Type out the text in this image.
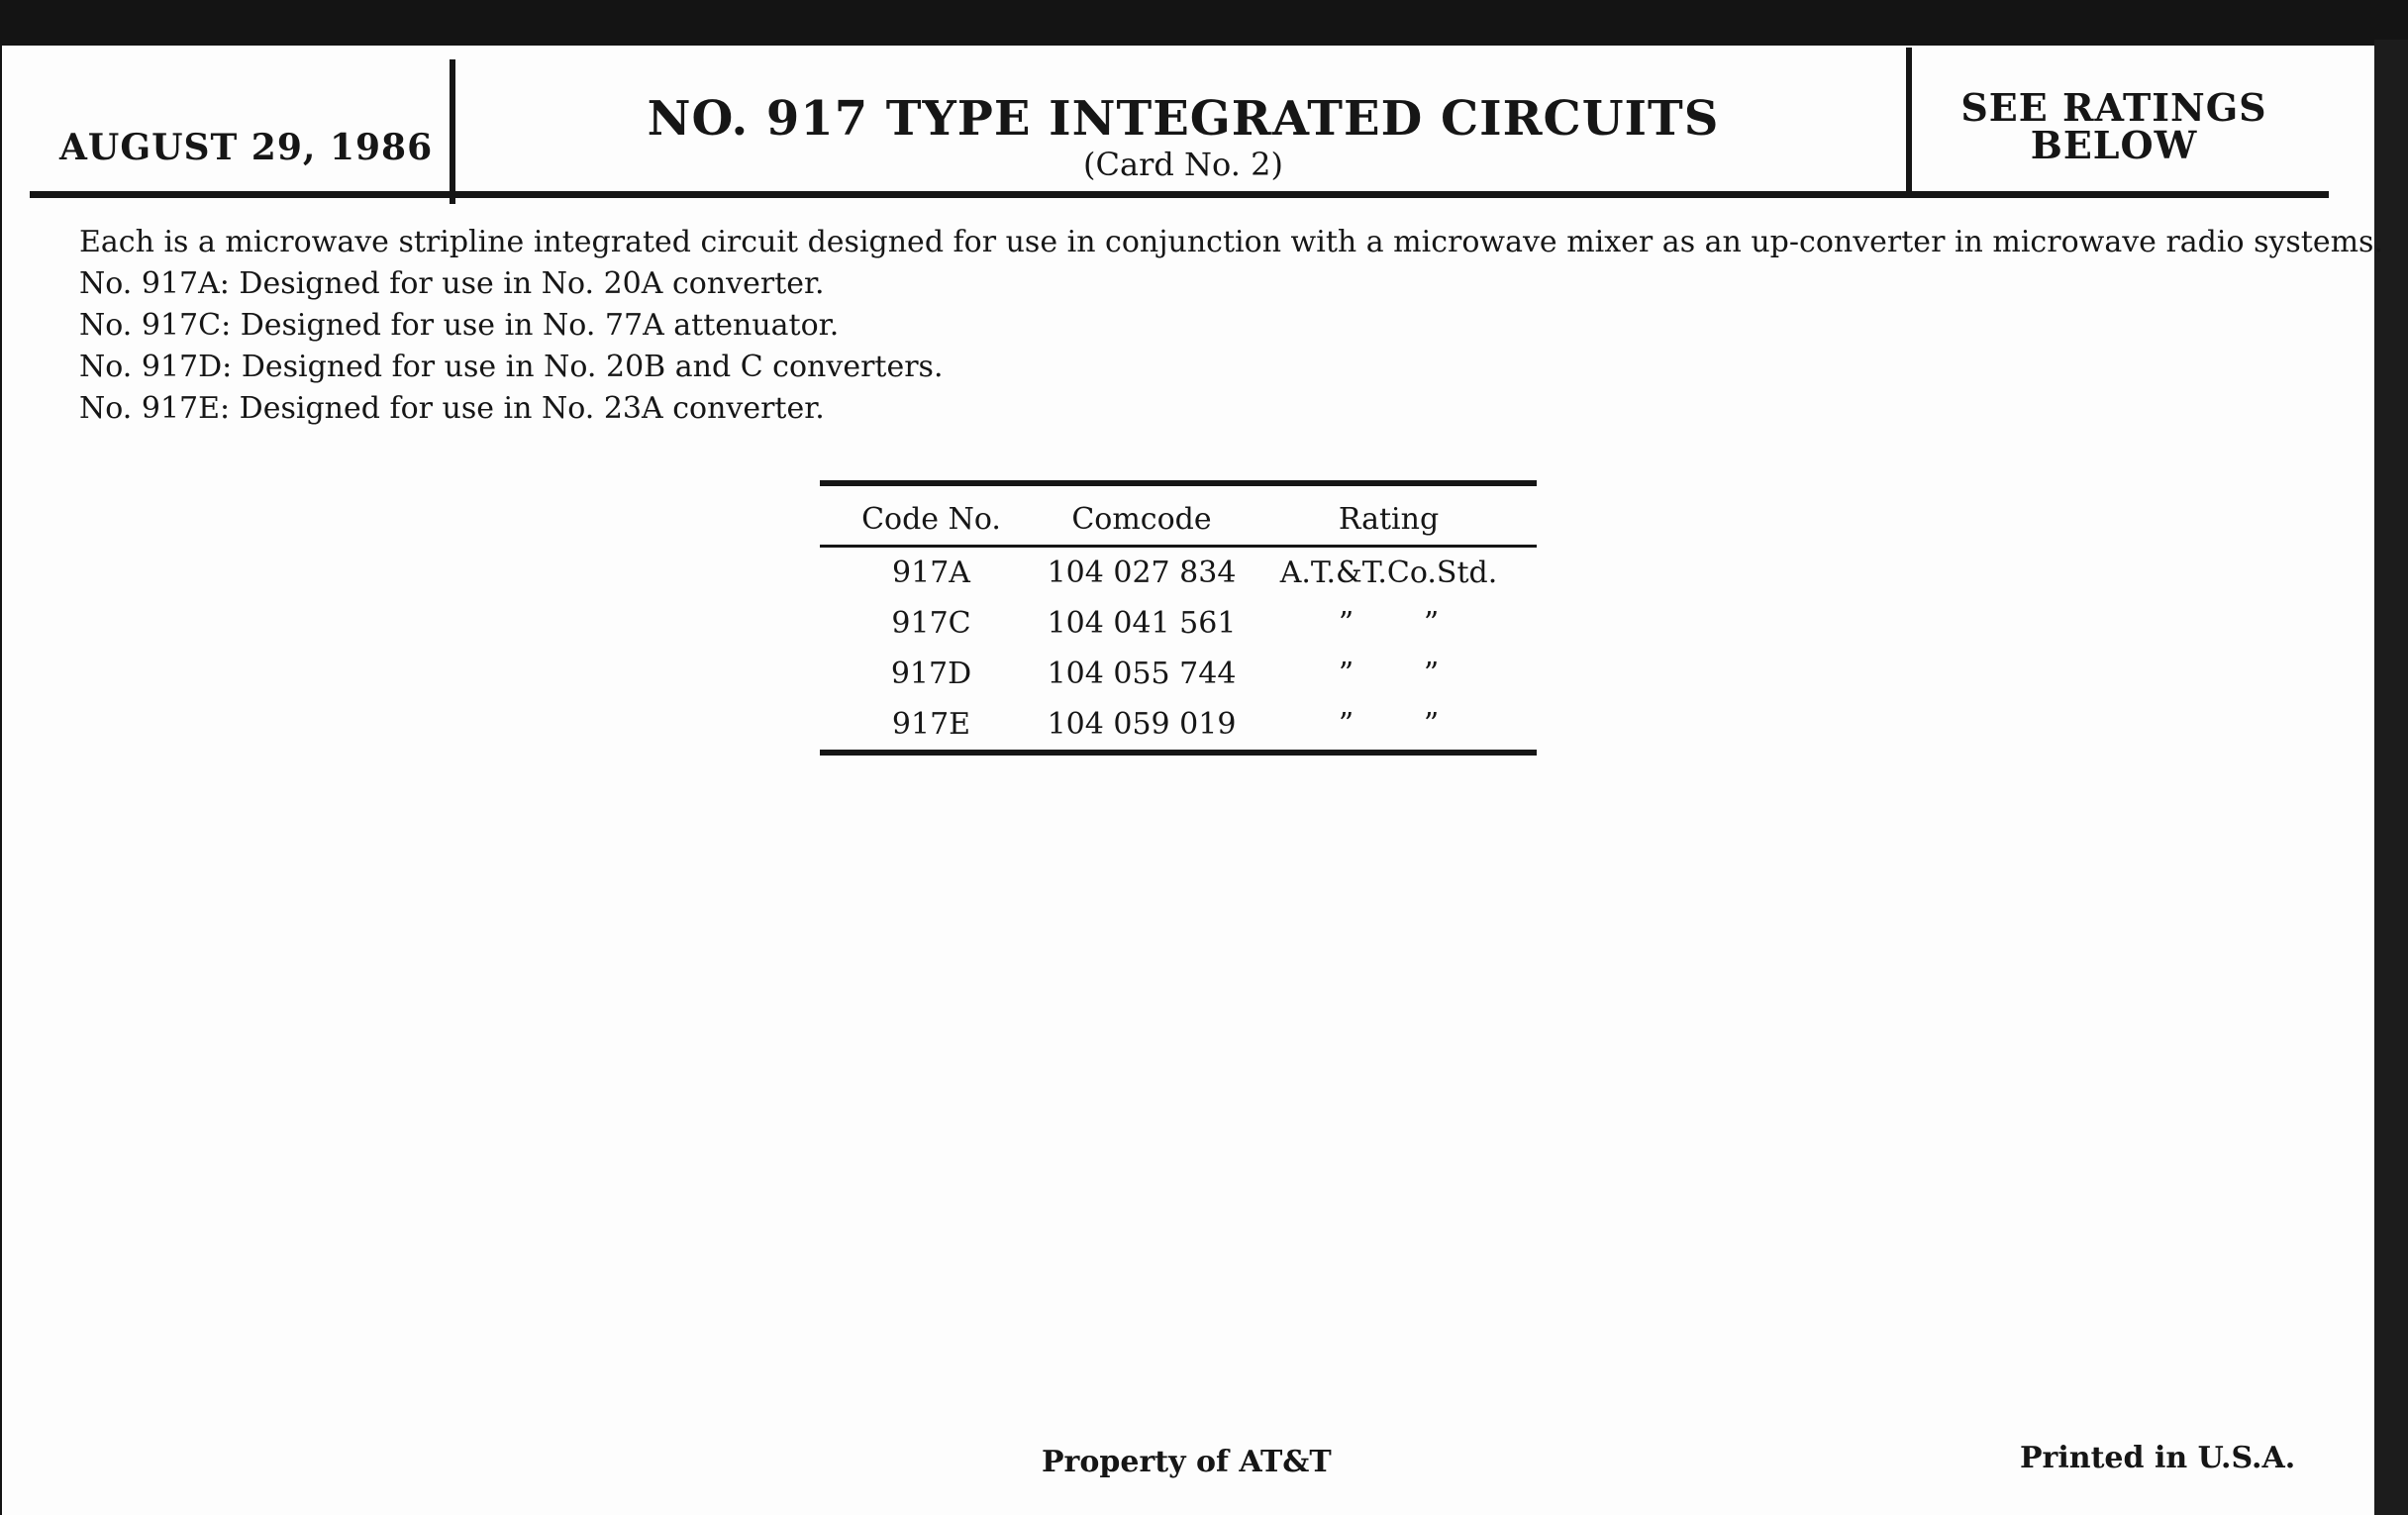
AUGUST 29, 1986
NO. 917 TYPE INTEGRATED CIRCUITS
(Card No. 2)
SEE RATINGS
BELOW
Each is a microwave stripline integrated circuit designed for use in conjunction with a microwave mixer as an up-converter in microwave radio systems.
No. 917A: Designed for use in No. 20A converter.
No. 917C: Designed for use in No. 77A attenuator.
No. 917D: Designed for use in No. 20B and C converters.
No. 917E: Designed for use in No. 23A converter.
Code No.	Comcode	Rating
917A	104 027 834	A.T.&T.Co.Std.
917C	104 041 561	” ”
917D	104 055 744	” ”
917E	104 059 019	” ”
Property of AT&T	Printed in U.S.A.
